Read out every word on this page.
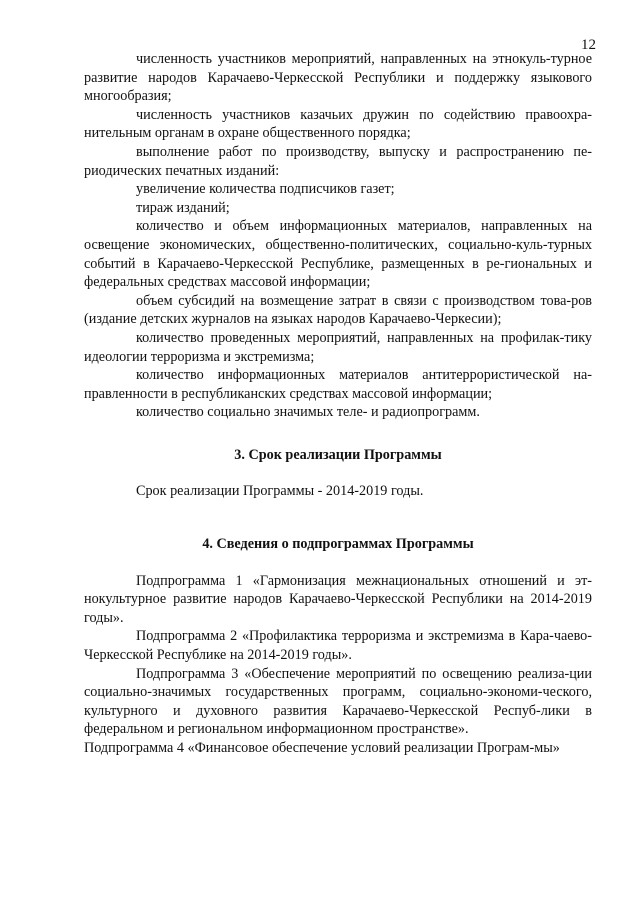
12

численность участников мероприятий, направленных на этнокуль-турное развитие народов Карачаево-Черкесской Республики и поддержку языкового многообразия;

численность участников казачьих дружин по содействию правоохра-нительным органам в охране общественного порядка;

выполнение работ по производству, выпуску и распространению пе-риодических печатных изданий:

увеличение количества подписчиков газет;

тираж изданий;

количество и объем информационных материалов, направленных на освещение экономических, общественно-политических, социально-куль-турных событий в Карачаево-Черкесской Республике, размещенных в ре-гиональных и федеральных средствах массовой информации;

объем субсидий на возмещение затрат в связи с производством това-ров (издание детских журналов на языках народов Карачаево-Черкесии);

количество проведенных мероприятий, направленных на профилак-тику идеологии терроризма и экстремизма;

количество информационных материалов антитеррористической на-правленности в республиканских средствах массовой информации;

количество социально значимых теле- и радиопрограмм.

3. Срок реализации Программы

Срок реализации Программы - 2014-2019 годы.

4. Сведения о подпрограммах Программы

Подпрограмма 1 «Гармонизация межнациональных отношений и эт-нокультурное развитие народов Карачаево-Черкесской Республики на 2014-2019 годы».

Подпрограмма 2 «Профилактика терроризма и экстремизма в Кара-чаево-Черкесской Республике на 2014-2019 годы».

Подпрограмма 3 «Обеспечение мероприятий по освещению реализа-ции социально-значимых государственных программ, социально-экономи-ческого, культурного и духовного развития Карачаево-Черкесской Респуб-лики в федеральном и региональном информационном пространстве».

Подпрограмма 4 «Финансовое обеспечение условий реализации Програм-мы»
